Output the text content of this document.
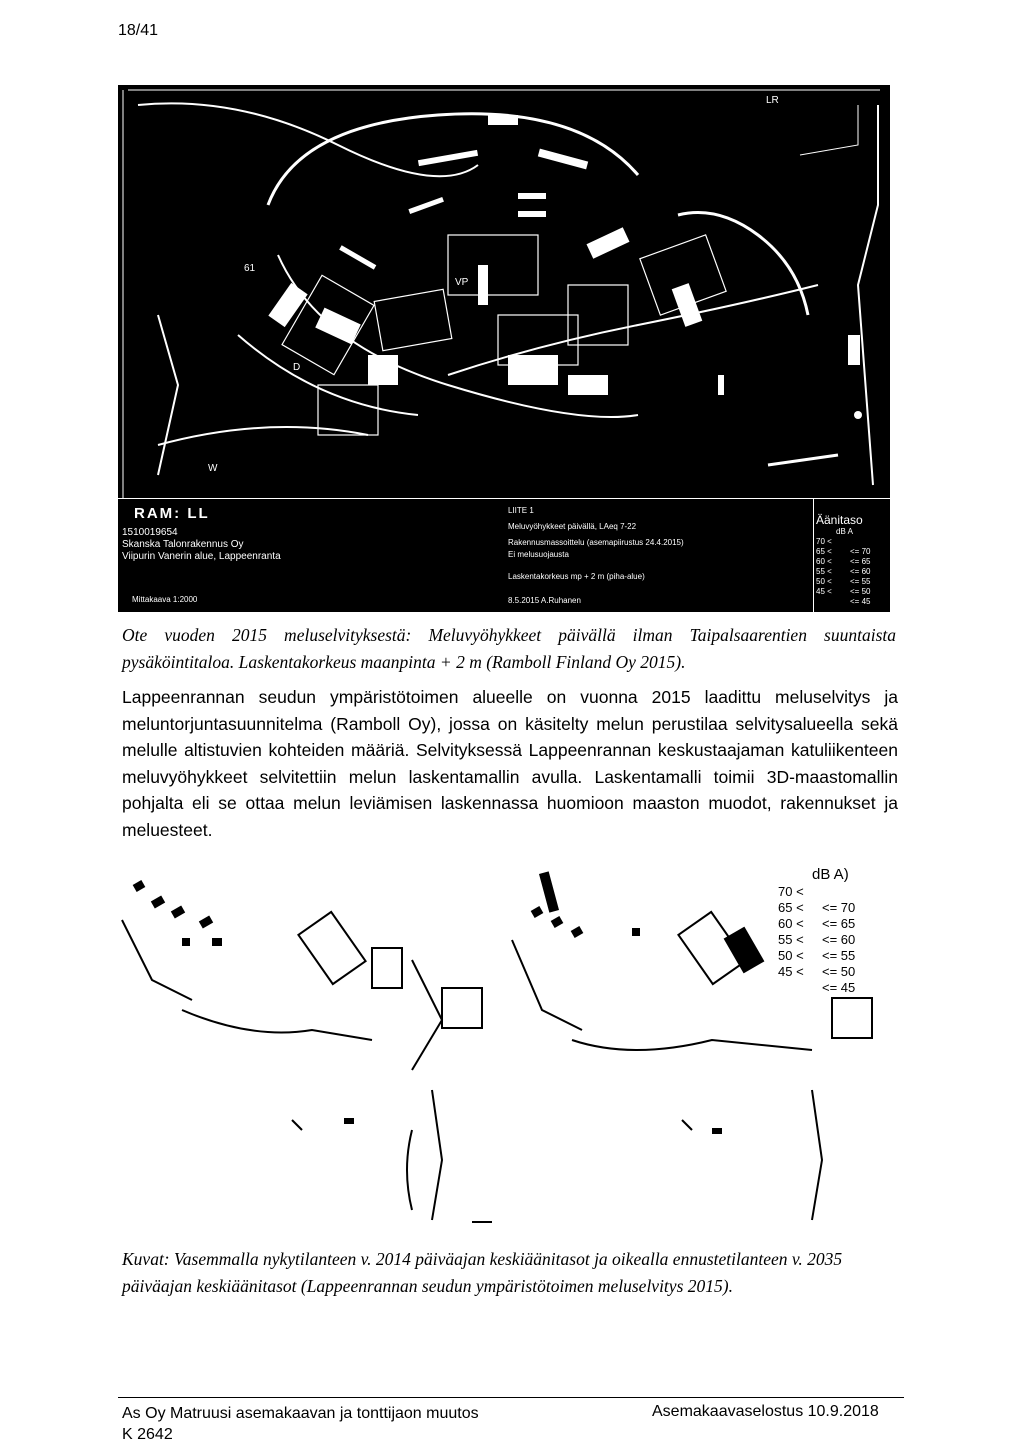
18/41
LR
VP
W
61
D
RAM: LL
1510019654
Skanska Talonrakennus Oy
Viipurin Vanerin alue, Lappeenranta
Mittakaava 1:2000
LIITE 1
Meluvyöhykkeet päivällä, LAeq 7-22
Rakennusmassoittelu (asemapiirustus 24.4.2015)
Ei melusuojausta
Laskentakorkeus mp + 2 m (piha-alue)
8.5.2015 A.Ruhanen
Äänitaso
dB A
70 <
65 < <= 70
60 < <= 65
55 < <= 60
50 < <= 55
45 < <= 50
<= 45
Ote vuoden 2015 meluselvityksestä: Meluvyöhykkeet päivällä ilman Taipalsaarentien suuntaista pysäköintitaloa. Laskentakorkeus maanpinta + 2 m (Ramboll Finland Oy 2015).
Lappeenrannan seudun ympäristötoimen alueelle on vuonna 2015 laadittu meluselvitys ja meluntorjuntasuunnitelma (Ramboll Oy), jossa on käsitelty melun perustilaa selvitysalueella sekä melulle altistuvien kohteiden määriä. Selvityksessä Lappeenrannan keskustaajaman katuliikenteen meluvyöhykkeet selvitettiin melun laskentamallin avulla. Laskentamalli toimii 3D-maastomallin pohjalta eli se ottaa melun leviämisen laskennassa huomioon maaston muodot, rakennukset ja meluesteet.
dB A)
70 <
65 < <= 70
60 < <= 65
55 < <= 60
50 < <= 55
45 < <= 50
<= 45
Kuvat: Vasemmalla nykytilanteen v. 2014 päiväajan keskiäänitasot ja oikealla ennustetilanteen v. 2035 päiväajan keskiäänitasot (Lappeenrannan seudun ympäristötoimen meluselvitys 2015).
As Oy Matruusi asemakaavan ja tonttijaon muutos
K 2642
Asemakaavaselostus 10.9.2018
